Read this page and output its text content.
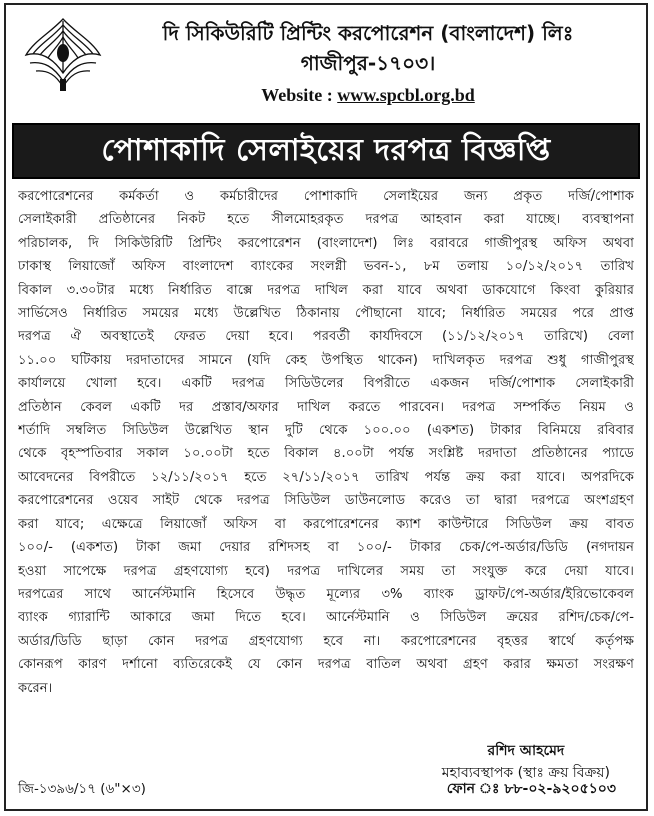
দি সিকিউরিটি প্রিন্টিং করপোরেশন (বাংলাদেশ) লিঃ
গাজীপুর-১৭০৩।
Website : www.spcbl.org.bd
পোশাকাদি সেলাইয়ের দরপত্র বিজ্ঞপ্তি
করপোরেশনের কর্মকর্তা ও কর্মচারীদের পোশাকাদি সেলাইয়ের জন্য প্রকৃত দর্জি/পোশাক
সেলাইকারী প্রতিষ্ঠানের নিকট হতে সীলমোহরকৃত দরপত্র আহবান করা যাচ্ছে। ব্যবস্থাপনা
পরিচালক, দি সিকিউরিটি প্রিন্টিং করপোরেশন (বাংলাদেশ) লিঃ বরাবরে গাজীপুরস্থ অফিস অথবা
ঢাকাস্থ লিয়াজোঁ অফিস বাংলাদেশ ব্যাংকের সংলগ্নী ভবন-১, ৮ম তলায় ১০/১২/২০১৭ তারিখ
বিকাল ৩.৩০টার মধ্যে নির্ধারিত বাক্সে দরপত্র দাখিল করা যাবে অথবা ডাকযোগে কিংবা কুরিয়ার
সার্ভিসেও নির্ধারিত সময়ের মধ্যে উল্লেখিত ঠিকানায় পৌছানো যাবে; নির্ধারিত সময়ের পরে প্রাপ্ত
দরপত্র ঐ অবস্থাতেই ফেরত দেয়া হবে। পরবর্তী কার্যদিবসে (১১/১২/২০১৭ তারিখে) বেলা
১১.০০ ঘটিকায় দরদাতাদের সামনে (যদি কেহ উপস্থিত থাকেন) দাখিলকৃত দরপত্র শুধু গাজীপুরস্থ
কার্যালয়ে খোলা হবে। একটি দরপত্র সিডিউলের বিপরীতে একজন দর্জি/পোশাক সেলাইকারী
প্রতিষ্ঠান কেবল একটি দর প্রস্তাব/অফার দাখিল করতে পারবেন। দরপত্র সম্পর্কিত নিয়ম ও
শর্তাদি সম্বলিত সিডিউল উল্লেখিত স্থান দুটি থেকে ১০০.০০ (একশত) টাকার বিনিময়ে রবিবার
থেকে বৃহস্পতিবার সকাল ১০.০০টা হতে বিকাল ৪.০০টা পর্যন্ত সংশ্লিষ্ট দরদাতা প্রতিষ্ঠানের প্যাডে
আবেদনের বিপরীতে ১২/১১/২০১৭ হতে ২৭/১১/২০১৭ তারিখ পর্যন্ত ক্রয় করা যাবে। অপরদিকে
করপোরেশনের ওয়েব সাইট থেকে দরপত্র সিডিউল ডাউনলোড করেও তা দ্বারা দরপত্রে অংশগ্রহণ
করা যাবে; এক্ষেত্রে লিয়াজোঁ অফিস বা করপোরেশনের ক্যাশ কাউন্টারে সিডিউল ক্রয় বাবত
১০০/- (একশত) টাকা জমা দেয়ার রশিদসহ বা ১০০/- টাকার চেক/পে-অর্ডার/ডিডি (নগদায়ন
হওয়া সাপেক্ষে দরপত্র গ্রহণযোগ্য হবে) দরপত্র দাখিলের সময় তা সংযুক্ত করে দেয়া যাবে।
দরপত্রের সাথে আর্নেস্টমানি হিসেবে উদ্ধৃত মূল্যের ৩% ব্যাংক ড্রাফট/পে-অর্ডার/ইরিভোকেবল
ব্যাংক গ্যারান্টি আকারে জমা দিতে হবে। আর্নেস্টমানি ও সিডিউল ক্রয়ের রশিদ/চেক/পে-
অর্ডার/ডিডি ছাড়া কোন দরপত্র গ্রহণযোগ্য হবে না। করপোরেশনের বৃহত্তর স্বার্থে কর্তৃপক্ষ
কোনরূপ কারণ দর্শানো ব্যতিরেকেই যে কোন দরপত্র বাতিল অথবা গ্রহণ করার ক্ষমতা সংরক্ষণ
করেন।
রশিদ আহমেদ
মহাব্যবস্থাপক (স্থাঃ ক্রয় বিক্রয়)
জি-১৩৯৬/১৭ (৬"×৩)	ফোন ঃ ৮৮-০২-৯২০৫১০৩
